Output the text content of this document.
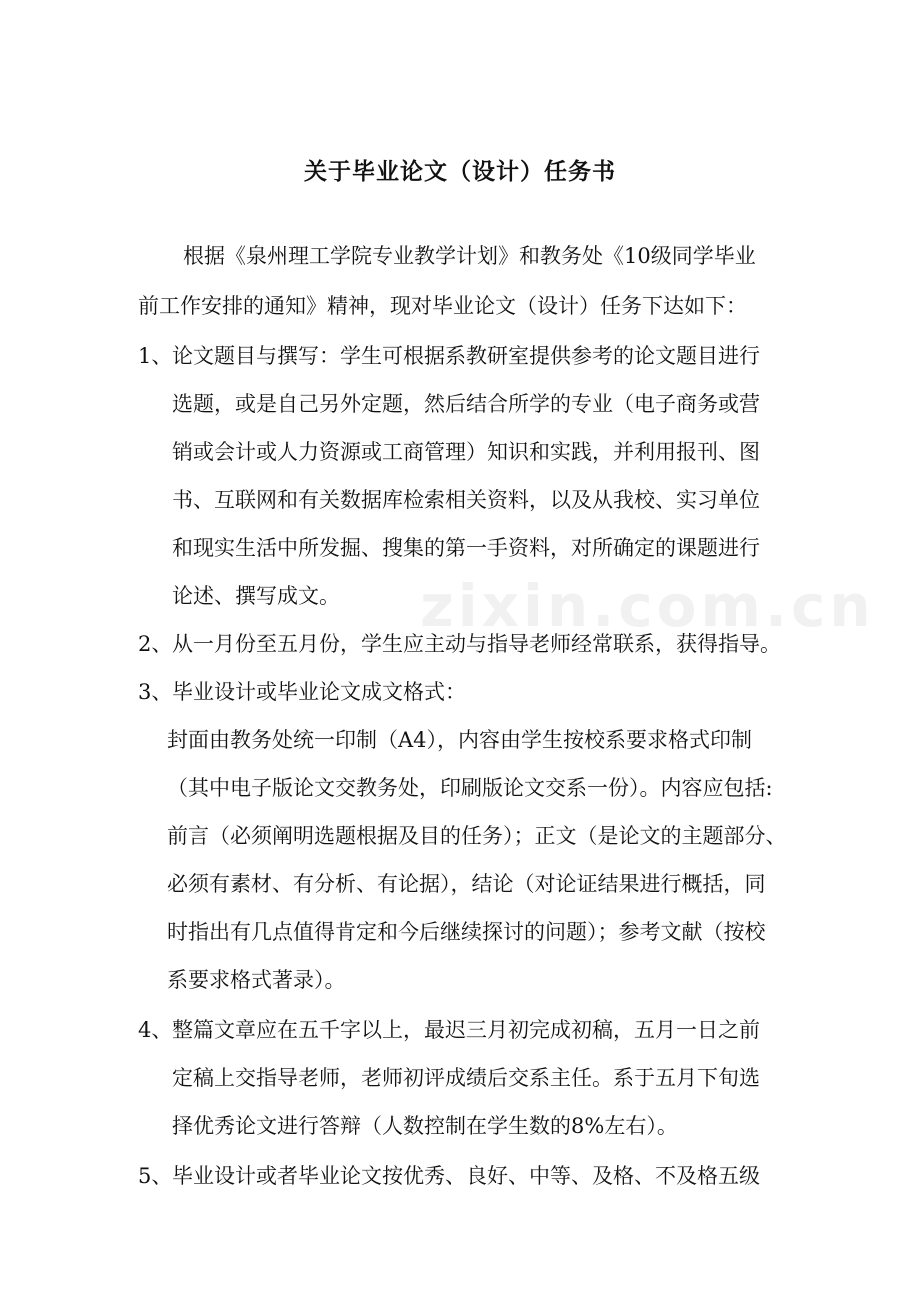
关于毕业论文（设计）任务书
根据《泉州理工学院专业教学计划》和教务处《10级同学毕业
前工作安排的通知》精神，现对毕业论文（设计）任务下达如下：
1、 论文题目与撰写：学生可根据系教研室提供参考的论文题目进行
选题，或是自己另外定题，然后结合所学的专业（电子商务或营
销或会计或人力资源或工商管理）知识和实践，并利用报刊、图
书、互联网和有关数据库检索相关资料，以及从我校、实习单位
和现实生活中所发掘、搜集的第一手资料，对所确定的课题进行
论述、撰写成文。
2、 从一月份至五月份，学生应主动与指导老师经常联系，获得指导。
3、 毕业设计或毕业论文成文格式：
封面由教务处统一印制（A4），内容由学生按校系要求格式印制
（其中电子版论文交教务处，印刷版论文交系一份）。内容应包括:
前言（必须阐明选题根据及目的任务）；正文（是论文的主题部分、
必须有素材、有分析、有论据），结论（对论证结果进行概括，同
时指出有几点值得肯定和今后继续探讨的问题）；参考文献（按校
系要求格式著录）。
4、 整篇文章应在五千字以上，最迟三月初完成初稿，五月一日之前
定稿上交指导老师，老师初评成绩后交系主任。系于五月下旬选
择优秀论文进行答辩（人数控制在学生数的8%左右）。
5、 毕业设计或者毕业论文按优秀、良好、中等、及格、不及格五级
zixin.com.cn
